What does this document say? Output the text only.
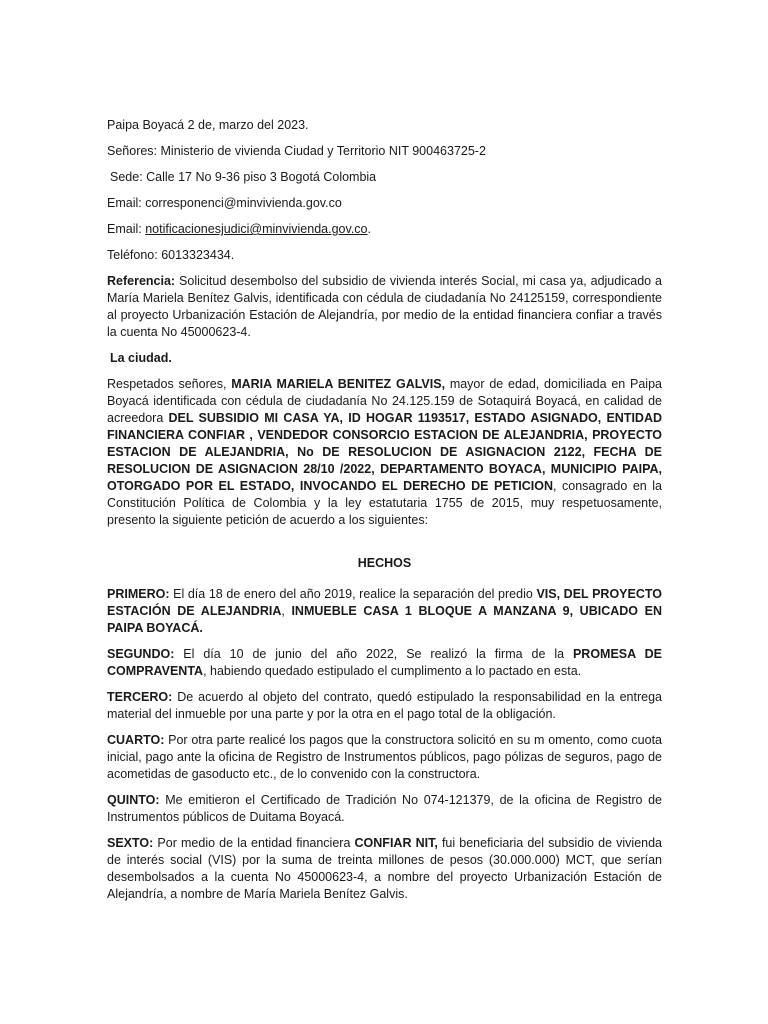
Paipa Boyacá 2 de, marzo del 2023.

Señores: Ministerio de vivienda Ciudad y Territorio NIT 900463725-2

Sede: Calle 17 No 9-36 piso 3 Bogotá Colombia

Email: corresponenci@minvivienda.gov.co

Email: notificacionesjudici@minvivienda.gov.co.

Teléfono: 6013323434.

Referencia: Solicitud desembolso del subsidio de vivienda interés Social, mi casa ya, adjudicado a María Mariela Benítez Galvis, identificada con cédula de ciudadanía No 24125159, correspondiente al proyecto Urbanización Estación de Alejandría, por medio de la entidad financiera confiar a través la cuenta No 45000623-4.

La ciudad.

Respetados señores, MARIA MARIELA BENITEZ GALVIS, mayor de edad, domiciliada en Paipa Boyacá identificada con cédula de ciudadanía No 24.125.159 de Sotaquirá Boyacá, en calidad de acreedora DEL SUBSIDIO MI CASA YA, ID HOGAR 1193517, ESTADO ASIGNADO, ENTIDAD FINANCIERA CONFIAR , VENDEDOR CONSORCIO ESTACION DE ALEJANDRIA, PROYECTO ESTACION DE ALEJANDRIA, No DE RESOLUCION DE ASIGNACION 2122, FECHA DE RESOLUCION DE ASIGNACION 28/10 /2022, DEPARTAMENTO BOYACA, MUNICIPIO PAIPA, OTORGADO POR EL ESTADO, INVOCANDO EL DERECHO DE PETICION, consagrado en la Constitución Política de Colombia y la ley estatutaria 1755 de 2015, muy respetuosamente, presento la siguiente petición de acuerdo a los siguientes:

HECHOS

PRIMERO: El día 18 de enero del año 2019, realice la separación del predio VIS, DEL PROYECTO ESTACIÓN DE ALEJANDRIA, INMUEBLE CASA 1 BLOQUE A MANZANA 9, UBICADO EN PAIPA BOYACÁ.

SEGUNDO: El día 10 de junio del año 2022, Se realizó la firma de la PROMESA DE COMPRAVENTA, habiendo quedado estipulado el cumplimento a lo pactado en esta.

TERCERO: De acuerdo al objeto del contrato, quedó estipulado la responsabilidad en la entrega material del inmueble por una parte y por la otra en el pago total de la obligación.

CUARTO: Por otra parte realicé los pagos que la constructora solicitó en su m omento, como cuota inicial, pago ante la oficina de Registro de Instrumentos públicos, pago pólizas de seguros, pago de acometidas de gasoducto etc., de lo convenido con la constructora.

QUINTO: Me emitieron el Certificado de Tradición No 074-121379, de la oficina de Registro de Instrumentos públicos de Duitama Boyacá.

SEXTO: Por medio de la entidad financiera CONFIAR NIT, fui beneficiaria del subsidio de vivienda de interés social (VIS) por la suma de treinta millones de pesos (30.000.000) MCT, que serían desembolsados a la cuenta No 45000623-4, a nombre del proyecto Urbanización Estación de Alejandría, a nombre de María Mariela Benítez Galvis.
